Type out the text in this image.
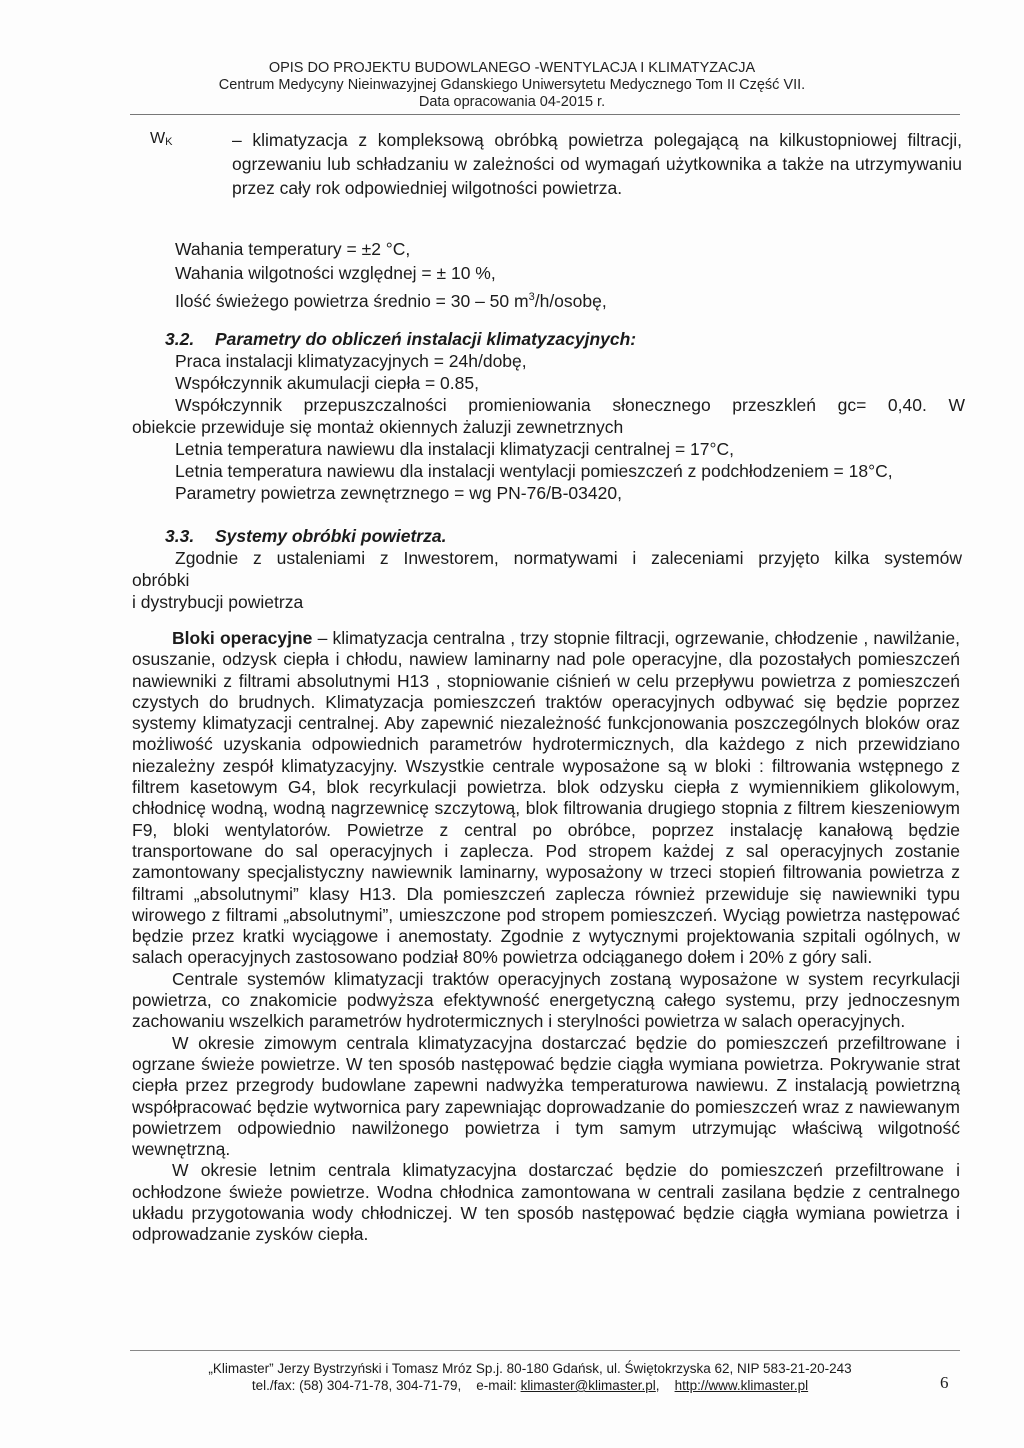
OPIS DO PROJEKTU BUDOWLANEGO -WENTYLACJA I KLIMATYZACJA
Centrum Medycyny Nieinwazyjnej Gdanskiego Uniwersytetu Medycznego Tom II Część VII.
Data opracowania 04-2015 r.
$W_K$	– klimatyzacja z kompleksową obróbką powietrza polegającą na kilkustopniowej filtracji, ogrzewaniu lub schładzaniu w zależności od wymagań użytkownika a także na utrzymywaniu przez cały rok odpowiedniej wilgotności powietrza.
Wahania temperatury = ±2 °C,
Wahania wilgotności względnej = ± 10 %,
Ilość świeżego powietrza średnio = 30 – 50 $m^3/h$/osobę,
3.2. Parametry do obliczeń instalacji klimatyzacyjnych:
Praca instalacji klimatyzacyjnych = 24h/dobę,
Współczynnik akumulacji ciepła = 0.85,
Współczynnik przepuszczalności promieniowania słonecznego przeszkleń gc= 0,40. W
obiekcie przewiduje się montaż okiennych żaluzji zewnetrznych
Letnia temperatura nawiewu dla instalacji klimatyzacji centralnej = 17°C,
Letnia temperatura nawiewu dla instalacji wentylacji pomieszczeń z podchłodzeniem = 18°C,
Parametry powietrza zewnętrznego = wg PN-76/B-03420,
3.3. Systemy obróbki powietrza.
Zgodnie z ustaleniami z Inwestorem, normatywami i zaleceniami przyjęto kilka systemów
obróbki
i dystrybucji powietrza
Bloki operacyjne – klimatyzacja centralna , trzy stopnie filtracji, ogrzewanie, chłodzenie , nawilżanie, osuszanie, odzysk ciepła i chłodu, nawiew laminarny nad pole operacyjne, dla pozostałych pomieszczeń nawiewniki z filtrami absolutnymi H13 , stopniowanie ciśnień w celu przepływu powietrza z pomieszczeń czystych do brudnych. Klimatyzacja pomieszczeń traktów operacyjnych odbywać się będzie poprzez systemy klimatyzacji centralnej. Aby zapewnić niezależność funkcjonowania poszczególnych bloków oraz możliwość uzyskania odpowiednich parametrów hydrotermicznych, dla każdego z nich przewidziano niezależny zespół klimatyzacyjny. Wszystkie centrale wyposażone są w bloki : filtrowania wstępnego z filtrem kasetowym G4, blok recyrkulacji powietrza. blok odzysku ciepła z wymiennikiem glikolowym, chłodnicę wodną, wodną nagrzewnicę szczytową, blok filtrowania drugiego stopnia z filtrem kieszeniowym F9, bloki wentylatorów. Powietrze z central po obróbce, poprzez instalację kanałową będzie transportowane do sal operacyjnych i zaplecza. Pod stropem każdej z sal operacyjnych zostanie zamontowany specjalistyczny nawiewnik laminarny, wyposażony w trzeci stopień filtrowania powietrza z filtrami „absolutnymi” klasy H13. Dla pomieszczeń zaplecza również przewiduje się nawiewniki typu wirowego z filtrami „absolutnymi”, umieszczone pod stropem pomieszczeń. Wyciąg powietrza następować będzie przez kratki wyciągowe i anemostaty. Zgodnie z wytycznymi projektowania szpitali ogólnych, w salach operacyjnych zastosowano podział 80% powietrza odciąganego dołem i 20% z góry sali.
Centrale systemów klimatyzacji traktów operacyjnych zostaną wyposażone w system recyrkulacji powietrza, co znakomicie podwyższa efektywność energetyczną całego systemu, przy jednoczesnym zachowaniu wszelkich parametrów hydrotermicznych i sterylności powietrza w salach operacyjnych.
W okresie zimowym centrala klimatyzacyjna dostarczać będzie do pomieszczeń przefiltrowane i ogrzane świeże powietrze. W ten sposób następować będzie ciągła wymiana powietrza. Pokrywanie strat ciepła przez przegrody budowlane zapewni nadwyżka temperaturowa nawiewu. Z instalacją powietrzną współpracować będzie wytwornica pary zapewniając doprowadzanie do pomieszczeń wraz z nawiewanym powietrzem odpowiednio nawilżonego powietrza i tym samym utrzymując właściwą wilgotność wewnętrzną.
W okresie letnim centrala klimatyzacyjna dostarczać będzie do pomieszczeń przefiltrowane i ochłodzone świeże powietrze. Wodna chłodnica zamontowana w centrali zasilana będzie z centralnego układu przygotowania wody chłodniczej. W ten sposób następować będzie ciągła wymiana powietrza i odprowadzanie zysków ciepła.
„Klimaster” Jerzy Bystrzyński i Tomasz Mróz Sp.j. 80-180 Gdańsk, ul. Świętokrzyska 62, NIP 583-21-20-243
tel./fax: (58) 304-71-78, 304-71-79, e-mail: klimaster@klimaster.pl,    http://www.klimaster.pl	6
